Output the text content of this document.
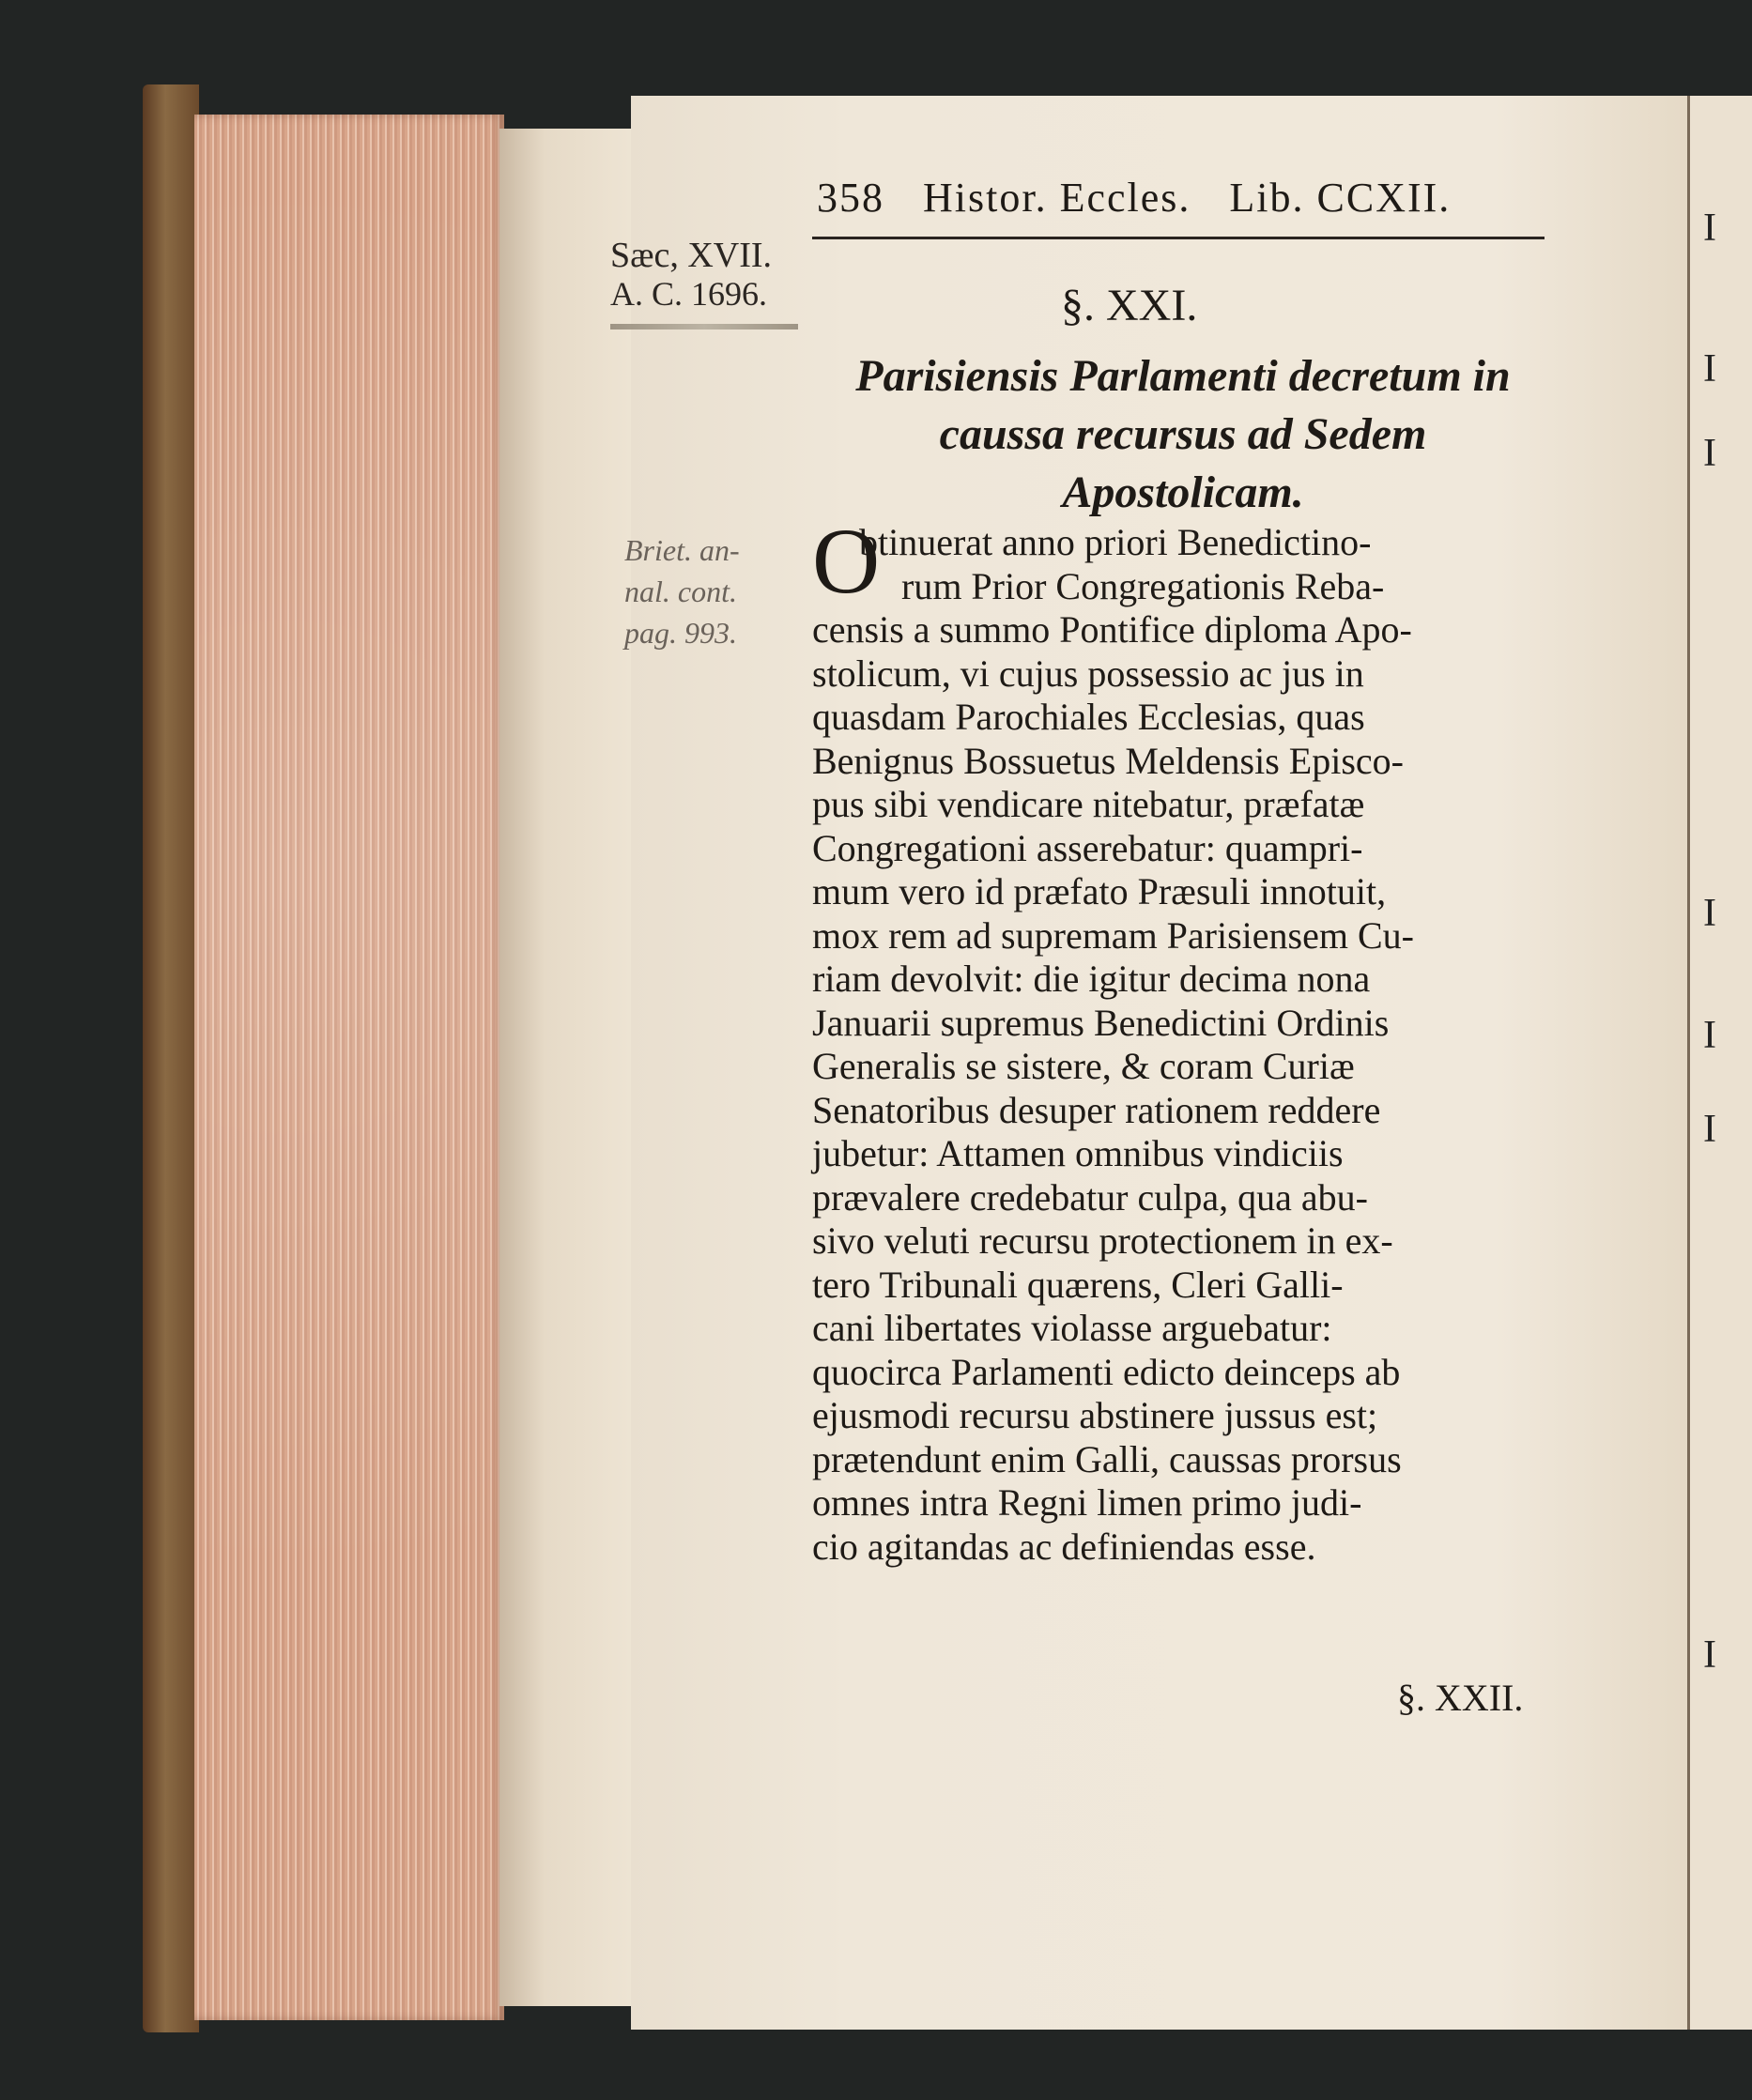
I
I
I
I
I
I
I
358 Histor. Eccles. Lib. CCXII.
Sæc, XVII.
A. C. 1696.
Briet. an-
nal. cont.
pag. 993.
§. XXI.
Parisiensis Parlamenti decretum in
caussa recursus ad Sedem
Apostolicam.
O
btinuerat anno priori Benedictino-
rum Prior Congregationis Reba-
censis a summo Pontifice diploma Apo-
stolicum, vi cujus possessio ac jus in
quasdam Parochiales Ecclesias, quas
Benignus Bossuetus Meldensis Episco-
pus sibi vendicare nitebatur, præfatæ
Congregationi asserebatur: quampri-
mum vero id præfato Præsuli innotuit,
mox rem ad supremam Parisiensem Cu-
riam devolvit: die igitur decima nona
Januarii supremus Benedictini Ordinis
Generalis se sistere, & coram Curiæ
Senatoribus desuper rationem reddere
jubetur: Attamen omnibus vindiciis
prævalere credebatur culpa, qua abu-
sivo veluti recursu protectionem in ex-
tero Tribunali quærens, Cleri Galli-
cani libertates violasse arguebatur:
quocirca Parlamenti edicto deinceps ab
ejusmodi recursu abstinere jussus est;
prætendunt enim Galli, caussas prorsus
omnes intra Regni limen primo judi-
cio agitandas ac definiendas esse.
§. XXII.
